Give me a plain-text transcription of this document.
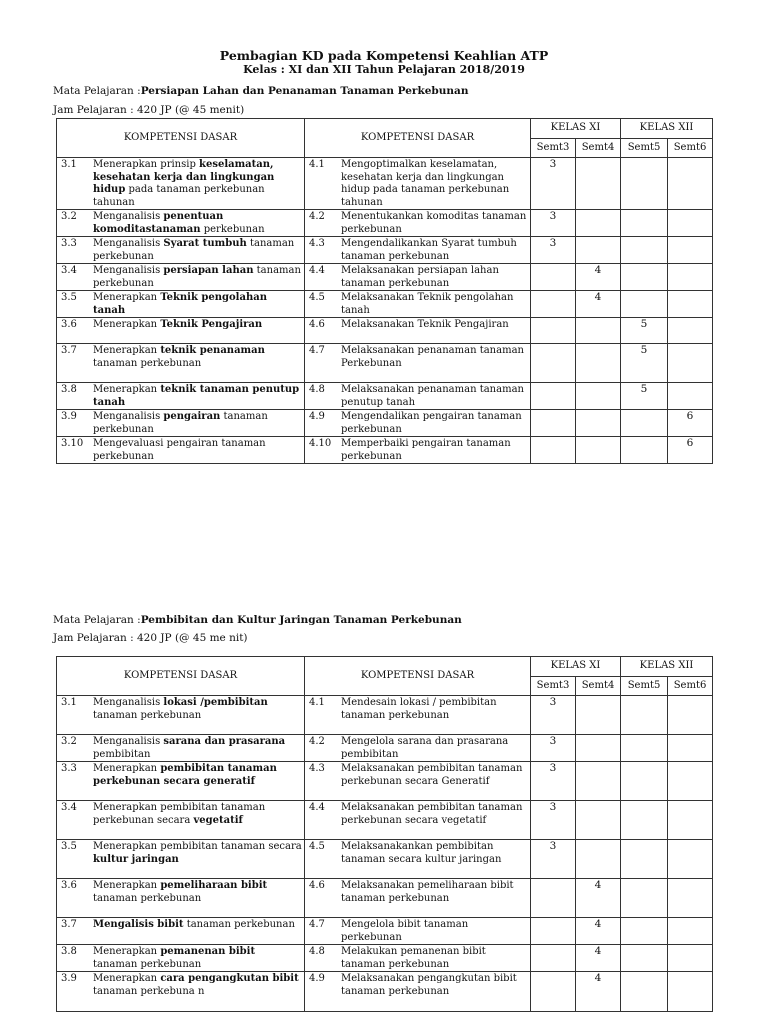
Pembagian KD pada Kompetensi Keahlian ATP
Kelas : XI dan XII Tahun Pelajaran 2018/2019
Mata Pelajaran :Persiapan Lahan dan Penanaman Tanaman Perkebunan
Jam Pelajaran : 420 JP (@ 45 menit)
KOMPETENSI DASAR	KOMPETENSI DASAR	KELAS XI		KELAS XII	
		Semt3	Semt4	Semt5	Semt6

3.1 Menerapkan prinsip keselamatan, kesehatan kerja dan lingkungan hidup pada tanaman perkebunan tahunan	4.1 Mengoptimalkan keselamatan, kesehatan kerja dan lingkungan hidup pada tanaman perkebunan tahunan	3			

3.2 Menganalisis penentuan komoditastanaman perkebunan	4.2 Menentukankan komoditas tanaman perkebunan	3			

3.3 Menganalisis Syarat tumbuh tanaman perkebunan	4.3 Mengendalikankan Syarat tumbuh tanaman perkebunan	3			

3.4 Menganalisis persiapan lahan tanaman perkebunan	4.4 Melaksanakan persiapan lahan tanaman perkebunan		4		

3.5 Menerapkan Teknik pengolahan tanah	4.5 Melaksanakan Teknik pengolahan tanah		4		

3.6 Menerapkan Teknik Pengajiran	4.6 Melaksanakan Teknik Pengajiran			5	

3.7 Menerapkan teknik penanaman tanaman perkebunan	4.7 Melaksanakan penanaman tanaman Perkebunan			5	

3.8 Menerapkan teknik tanaman penutup tanah	4.8 Melaksanakan penanaman tanaman penutup tanah			5	

3.9 Menganalisis pengairan tanaman perkebunan	4.9 Mengendalikan pengairan tanaman perkebunan				6

3.10 Mengevaluasi pengairan tanaman perkebunan	4.10 Memperbaiki pengairan tanaman perkebunan				6
Mata Pelajaran :Pembibitan dan Kultur Jaringan Tanaman Perkebunan
Jam Pelajaran : 420 JP (@ 45 me nit)
KOMPETENSI DASAR	KOMPETENSI DASAR	KELAS XI		KELAS XII	
		Semt3	Semt4	Semt5	Semt6

3.1 Menganalisis lokasi /pembibitan tanaman perkebunan	4.1 Mendesain lokasi / pembibitan tanaman perkebunan	3			

3.2 Menganalisis sarana dan prasarana pembibitan	4.2 Mengelola sarana dan prasarana pembibitan	3			

3.3 Menerapkan pembibitan tanaman perkebunan secara generatif	4.3 Melaksanakan pembibitan tanaman perkebunan secara Generatif	3			

3.4 Menerapkan pembibitan tanaman perkebunan secara vegetatif	4.4 Melaksanakan pembibitan tanaman perkebunan secara vegetatif	3			

3.5 Menerapkan pembibitan tanaman secara kultur jaringan	4.5 Melaksanakankan pembibitan tanaman secara kultur jaringan	3			

3.6 Menerapkan pemeliharaan bibit tanaman perkebunan	4.6 Melaksanakan pemeliharaan bibit tanaman perkebunan		4		

3.7 Mengalisis bibit tanaman perkebunan	4.7 Mengelola bibit tanaman perkebunan		4		

3.8 Menerapkan pemanenan bibit tanaman perkebunan	4.8 Melakukan pemanenan bibit tanaman perkebunan		4		

3.9 Menerapkan cara pengangkutan bibit tanaman perkebuna n	4.9 Melaksanakan pengangkutan bibit tanaman perkebunan		4		
